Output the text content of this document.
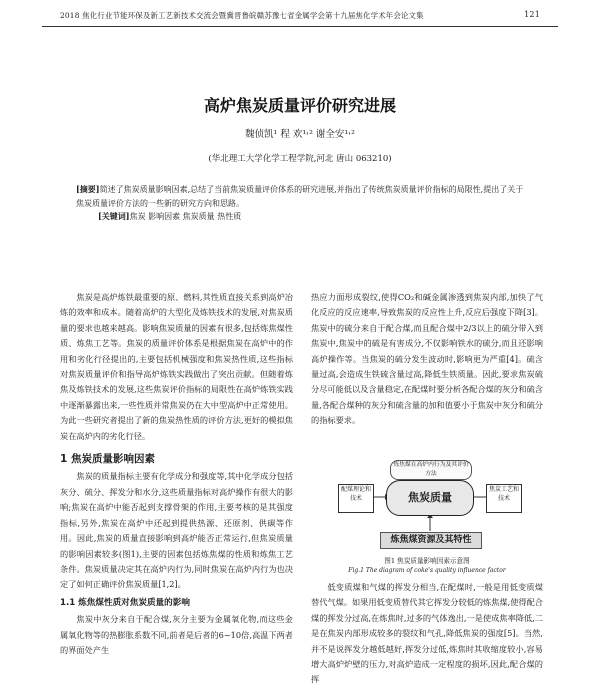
2018 焦化行业节能环保及新工艺新技术交流会暨冀晋鲁皖赣苏豫七省金属学会第十九届焦化学术年会论文集	121
高炉焦炭质量评价研究进展
魏侦凯¹ 程 欢¹˒² 谢全安¹˒²
(华北理工大学化学工程学院,河北 唐山 063210)
[摘要]简述了焦炭质量影响因素,总结了当前焦炭质量评价体系的研究进展,并指出了传统焦炭质量评价指标的局限性,提出了关于焦炭质量评价方法的一些新的研究方向和思路。
[关键词]焦炭 影响因素 焦炭质量 热性质

焦炭是高炉炼铁最重要的原、燃料,其性质直接关系到高炉冶炼的效率和成本。随着高炉的大型化及炼铁技术的发展,对焦炭质量的要求也越来越高。影响焦炭质量的因素有很多,包括炼焦煤性质、炼焦工艺等。焦炭的质量评价体系是根据焦炭在高炉中的作用和劣化行径提出的,主要包括机械强度和焦炭热性质,这些指标对焦炭质量评价和指导高炉炼铁实践做出了突出贡献。但随着炼焦及炼铁技术的发展,这些焦炭评价指标的局限性在高炉炼铁实践中逐渐暴露出来,一些性质并常焦炭仍在大中型高炉中正常使用。为此一些研究者提出了新的焦炭热性质的评价方法,更好的模拟焦炭在高炉内的劣化行径。

1 焦炭质量影响因素

焦炭的质量指标主要有化学成分和强度等,其中化学成分包括灰分、硫分、挥发分和水分,这些质量指标对高炉操作有很大的影响;焦炭在高炉中能否起到支撑骨架的作用,主要考核的是其强度指标,另外,焦炭在高炉中还起到提供热源、还原剂、供碳等作用。因此,焦炭的质量直接影响到高炉能否正常运行,但焦炭质量的影响因素较多(图1),主要的因素包括炼焦煤的性质和炼焦工艺条件。焦炭质量决定其在高炉内行为,同时焦炭在高炉内行为也决定了如何正确评价焦炭质量[1,2]。

1.1 炼焦煤性质对焦炭质量的影响

焦炭中灰分来自于配合煤,灰分主要为金属氧化物,而这些金属氧化物等的热膨胀系数不同,前者是后者的6~10倍,高温下两者的界面处产生

热应力面形成裂纹,使得CO₂和碱金属渗透到焦炭内部,加快了气化反应的反应速率,导致焦炭的反应性上升,反应后强度下降[3]。焦炭中的硫分来自于配合煤,而且配合煤中2/3以上的硫分带入到焦炭中,焦炭中的硫是有害成分,不仅影响铁水的硫分,而且还影响高炉操作等。当焦炭的硫分发生波动时,影响更为严重[4]。硫含量过高,会造成生铁硫含量过高,降低生铁质量。因此,要求焦炭硫分尽可能低以及含量稳定,在配煤时要分析各配合煤的灰分和硫含量,各配合煤种的灰分和硫含量的加和值要小于焦炭中灰分和硫分的指标要求。

炼焦煤在高炉内行为及其评价方法
配煤理论和技术	焦炭质量
焦炭工艺和技术
炼焦煤资源及其特性
图1 焦炭质量影响因素示意图
Fig.1 The diagram of coke's quality influence factor

低变质煤和气煤的挥发分相当,在配煤时,一般是用低变质煤替代气煤。如果用低变质替代其它挥发分较低的炼焦煤,使得配合煤的挥发分过高,在炼焦时,过多的气体逸出,一是使成焦率降低,二是在焦炭内部形成较多的裂纹和气孔,降低焦炭的强度[5]。当然,并不是说挥发分越低越好,挥发分过低,炼焦时其收缩度较小,容易增大高炉炉壁的压力,对高炉造成一定程度的损坏,因此,配合煤的挥
